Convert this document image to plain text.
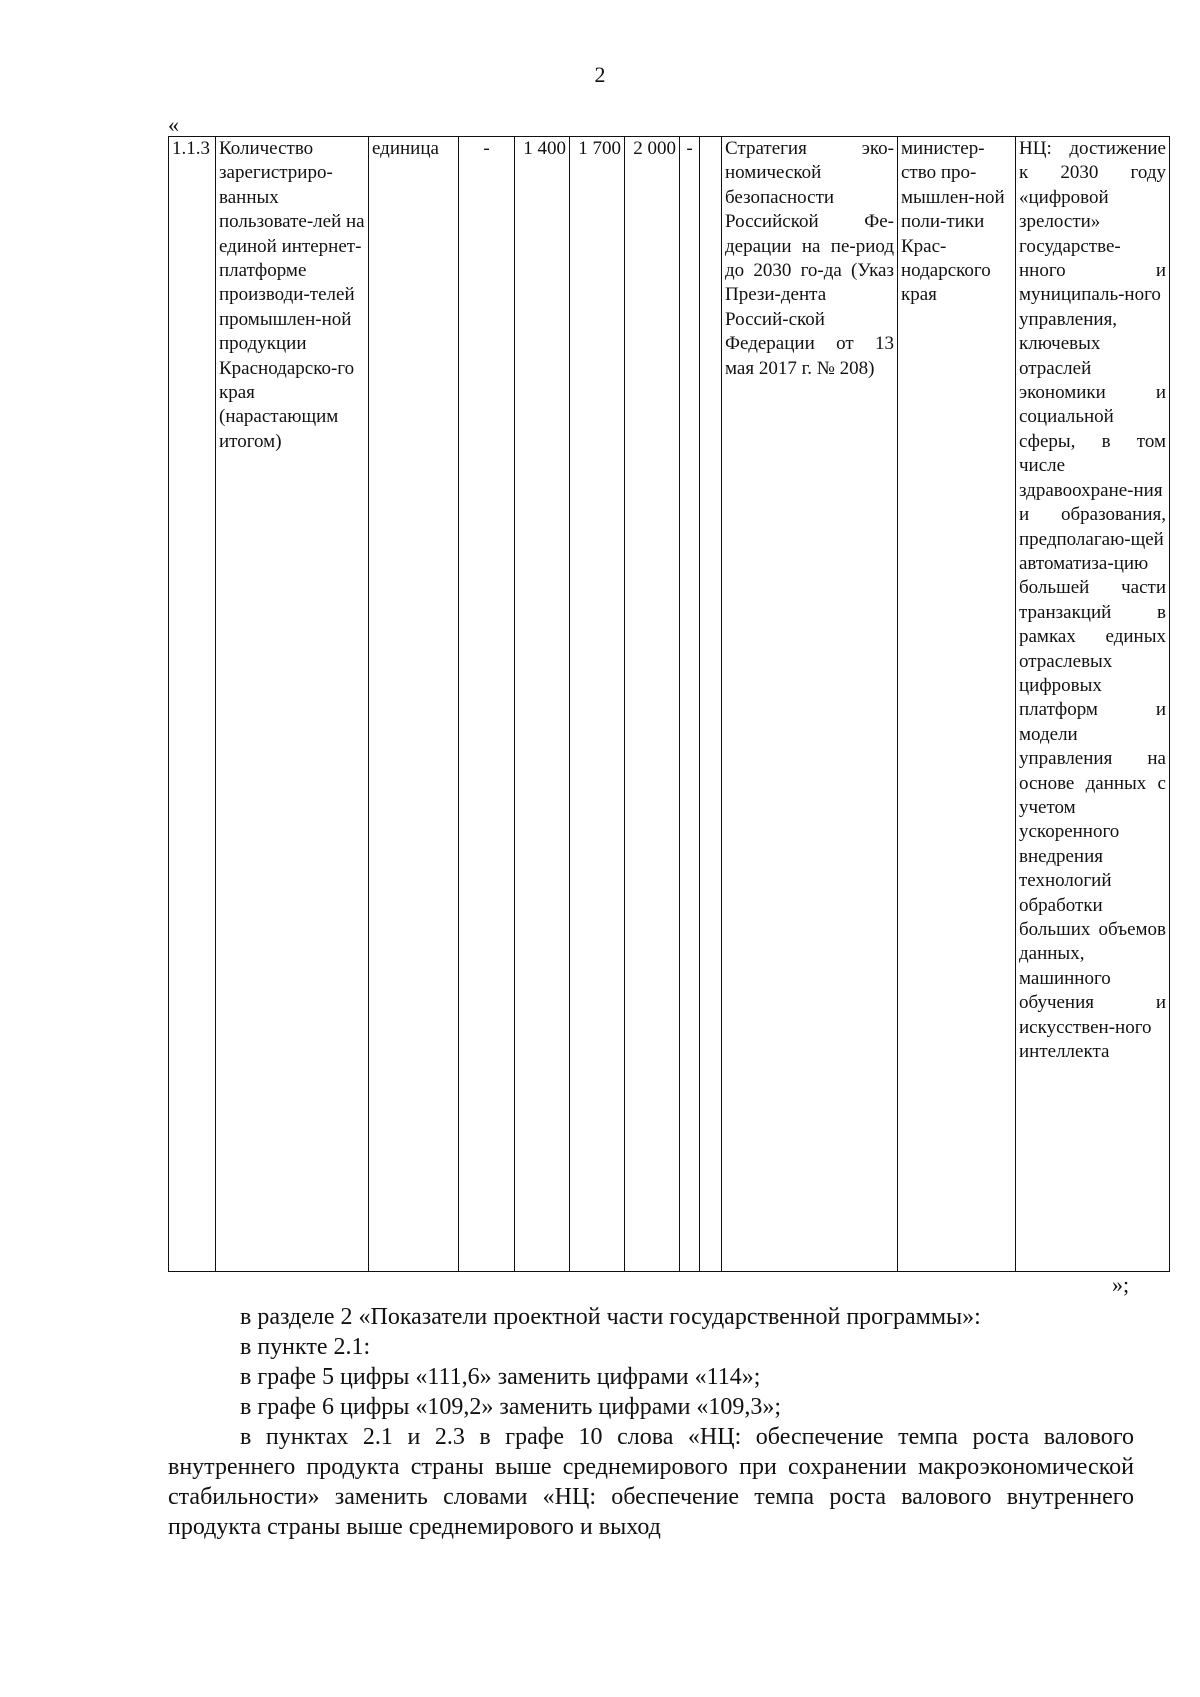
2
«
1.1.3	Количество зарегистриро-ванных пользовате-лей на единой интернет-платформе производи-телей промышлен-ной продукции Краснодарско-го края (нарастающим итогом)	единица	-	1 400	1 700	2 000	-		Стратегия эко-номической безопасности Российской Фе-дерации на пе-риод до 2030 го-да (Указ Прези-дента Россий-ской Федерации от 13 мая 2017 г. № 208)	министер-ство про-мышлен-ной поли-тики Крас-нодарского края	НЦ: достижение к 2030 году «цифровой зрелости» государстве-нного и муниципаль-ного управления, ключевых отраслей экономики и социальной сферы, в том числе здравоохране-ния и образования, предполагаю-щей автоматиза-цию большей части транзакций в рамках единых отраслевых цифровых платформ и модели управления на основе данных с учетом ускоренного внедрения технологий обработки больших объемов данных, машинного обучения и искусствен-ного интеллекта
»;

в разделе 2 «Показатели проектной части государственной программы»:

в пункте 2.1:

в графе 5 цифры «111,6» заменить цифрами «114»;

в графе 6 цифры «109,2» заменить цифрами «109,3»;

в пунктах 2.1 и 2.3 в графе 10 слова «НЦ: обеспечение темпа роста валового внутреннего продукта страны выше среднемирового при сохранении макроэкономической стабильности» заменить словами «НЦ: обеспечение темпа роста валового внутреннего продукта страны выше среднемирового и выход
